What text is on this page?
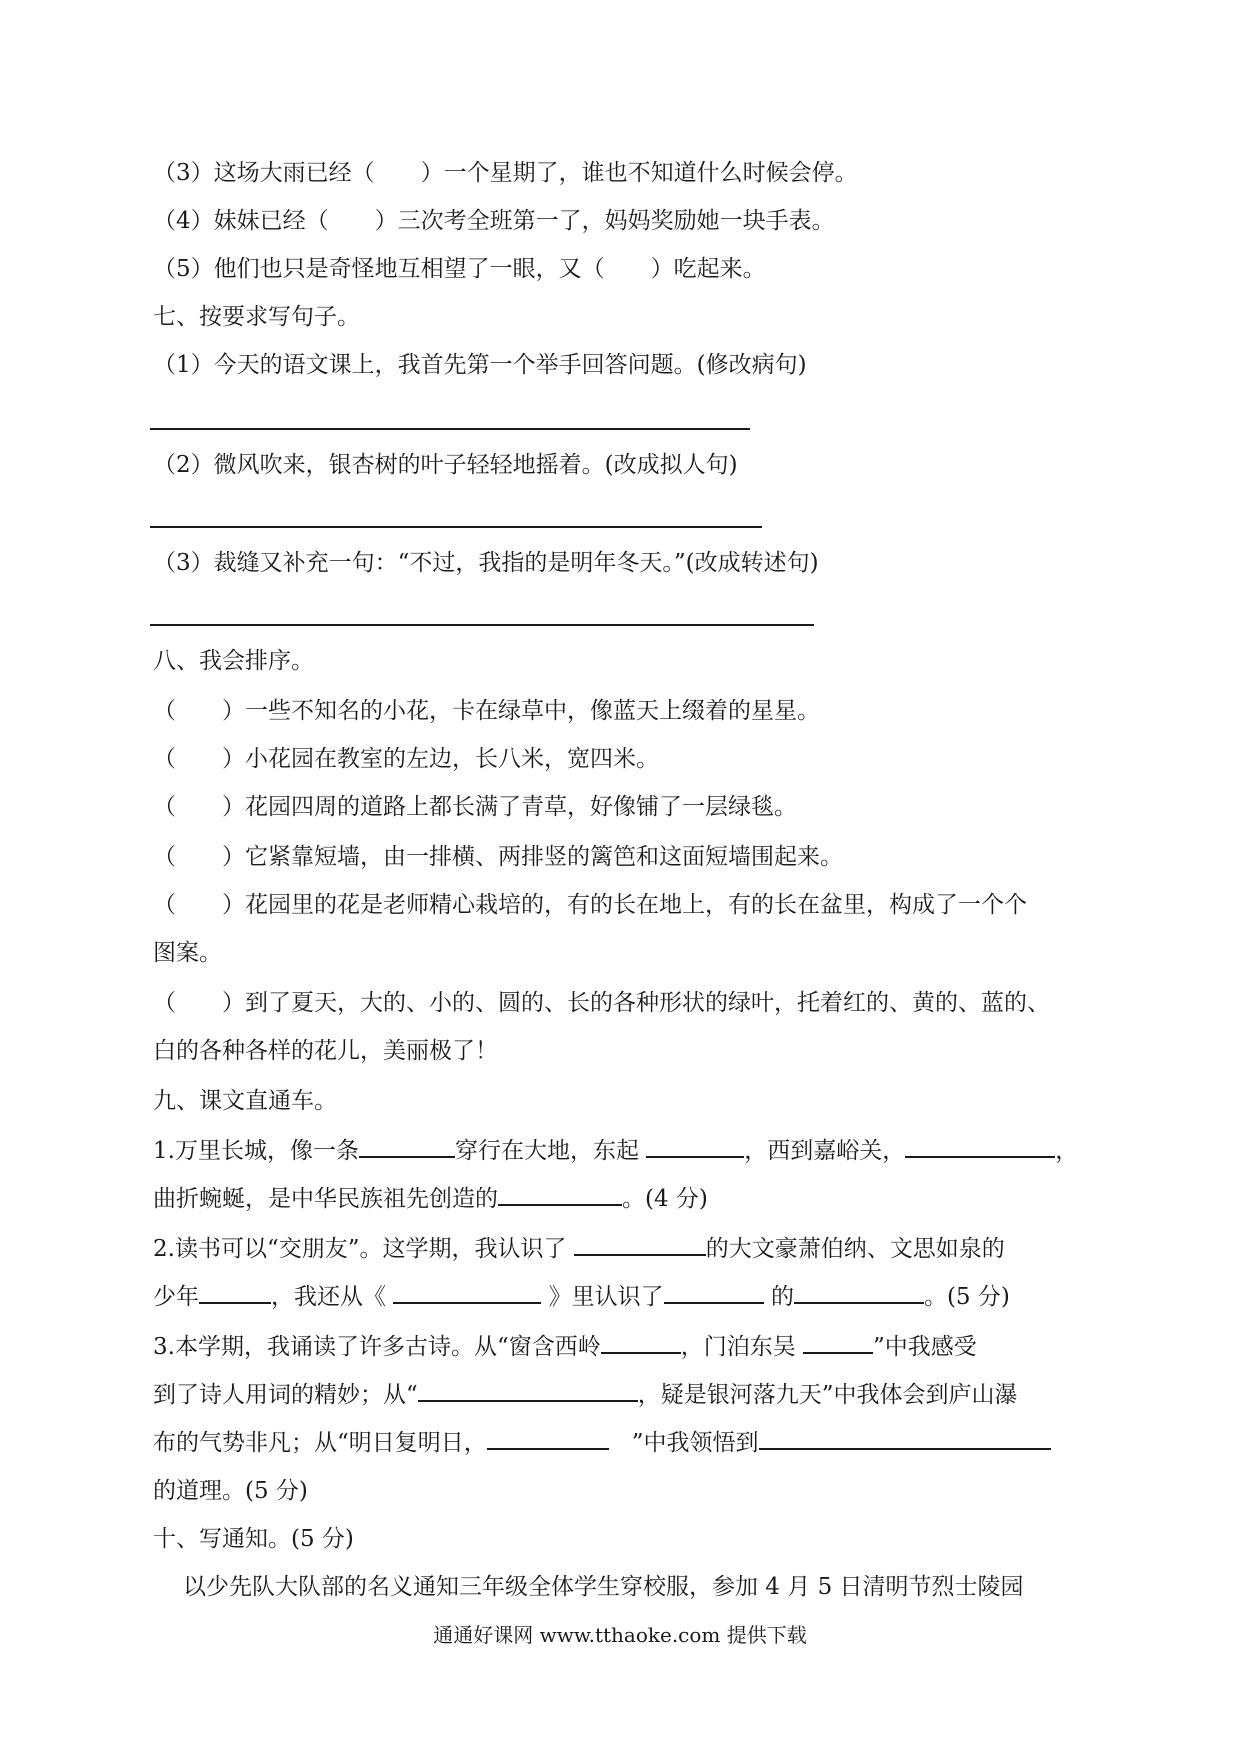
（3）这场大雨已经（　　）一个星期了，谁也不知道什么时候会停。
（4）妹妹已经（　　）三次考全班第一了，妈妈奖励她一块手表。
（5）他们也只是奇怪地互相望了一眼，又（　　）吃起来。
七、按要求写句子。
（1）今天的语文课上，我首先第一个举手回答问题。(修改病句)
（2）微风吹来，银杏树的叶子轻轻地摇着。(改成拟人句)
（3）裁缝又补充一句：“不过，我指的是明年冬天。”(改成转述句)
八、我会排序。
（　　）一些不知名的小花，卡在绿草中，像蓝天上缀着的星星。
（　　）小花园在教室的左边，长八米，宽四米。
（　　）花园四周的道路上都长满了青草，好像铺了一层绿毯。
（　　）它紧靠短墙，由一排横、两排竖的篱笆和这面短墙围起来。
（　　）花园里的花是老师精心栽培的，有的长在地上，有的长在盆里，构成了一个个
图案。
（　　）到了夏天，大的、小的、圆的、长的各种形状的绿叶，托着红的、黄的、蓝的、
白的各种各样的花儿，美丽极了！
九、课文直通车。
1.万里长城，像一条	穿行在大地，东起	，西到嘉峪关，	，
曲折蜿蜒，是中华民族祖先创造的	。(4 分)
2.读书可以“交朋友”。这学期，我认识了	的大文豪萧伯纳、文思如泉的
少年	，我还从《	》里认识了	的	。(5 分)
3.本学期，我诵读了许多古诗。从“窗含西岭	，门泊东吴	”中我感受
到了诗人用词的精妙；从“	，疑是银河落九天”中我体会到庐山瀑
布的气势非凡；从“明日复明日，　	”中我领悟到
的道理。(5 分)
十、写通知。(5 分)
以少先队大队部的名义通知三年级全体学生穿校服，参加 4 月 5 日清明节烈士陵园
通通好课网 www.tthaoke.com 提供下载
